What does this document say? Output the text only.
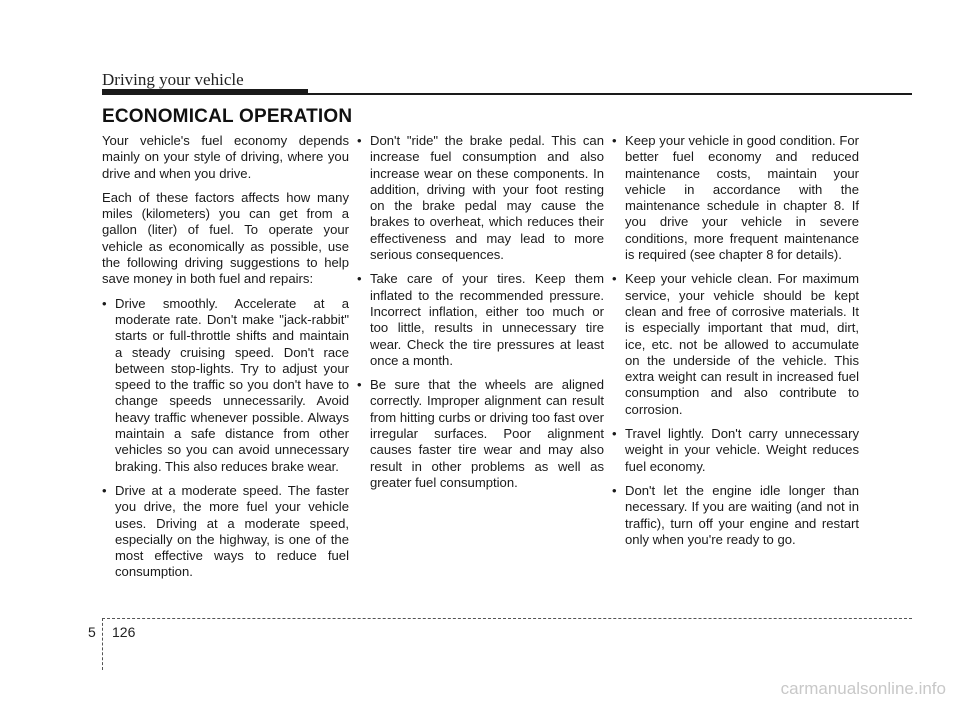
Driving your vehicle
ECONOMICAL OPERATION

Your vehicle's fuel economy depends mainly on your style of driving, where you drive and when you drive.

Each of these factors affects how many miles (kilometers) you can get from a gallon (liter) of fuel. To operate your vehicle as economically as possible, use the following driving suggestions to help save money in both fuel and repairs:

• Drive smoothly. Accelerate at a moderate rate. Don't make "jack-rabbit" starts or full-throttle shifts and maintain a steady cruising speed. Don't race between stop-lights. Try to adjust your speed to the traffic so you don't have to change speeds unnecessarily. Avoid heavy traffic whenever possible. Always maintain a safe distance from other vehicles so you can avoid unnecessary braking. This also reduces brake wear.
• Drive at a moderate speed. The faster you drive, the more fuel your vehicle uses. Driving at a moderate speed, especially on the highway, is one of the most effective ways to reduce fuel consumption.
• Don't "ride" the brake pedal. This can increase fuel consumption and also increase wear on these components. In addition, driving with your foot resting on the brake pedal may cause the brakes to overheat, which reduces their effectiveness and may lead to more serious consequences.
• Take care of your tires. Keep them inflated to the recommended pressure. Incorrect inflation, either too much or too little, results in unnecessary tire wear. Check the tire pressures at least once a month.
• Be sure that the wheels are aligned correctly. Improper alignment can result from hitting curbs or driving too fast over irregular surfaces. Poor alignment causes faster tire wear and may also result in other problems as well as greater fuel consumption.
• Keep your vehicle in good condition. For better fuel economy and reduced maintenance costs, maintain your vehicle in accordance with the maintenance schedule in chapter 8. If you drive your vehicle in severe conditions, more frequent maintenance is required (see chapter 8 for details).
• Keep your vehicle clean. For maximum service, your vehicle should be kept clean and free of corrosive materials. It is especially important that mud, dirt, ice, etc. not be allowed to accumulate on the underside of the vehicle. This extra weight can result in increased fuel consumption and also contribute to corrosion.
• Travel lightly. Don't carry unnecessary weight in your vehicle. Weight reduces fuel economy.
• Don't let the engine idle longer than necessary. If you are waiting (and not in traffic), turn off your engine and restart only when you're ready to go.
5 126
carmanualsonline.info
